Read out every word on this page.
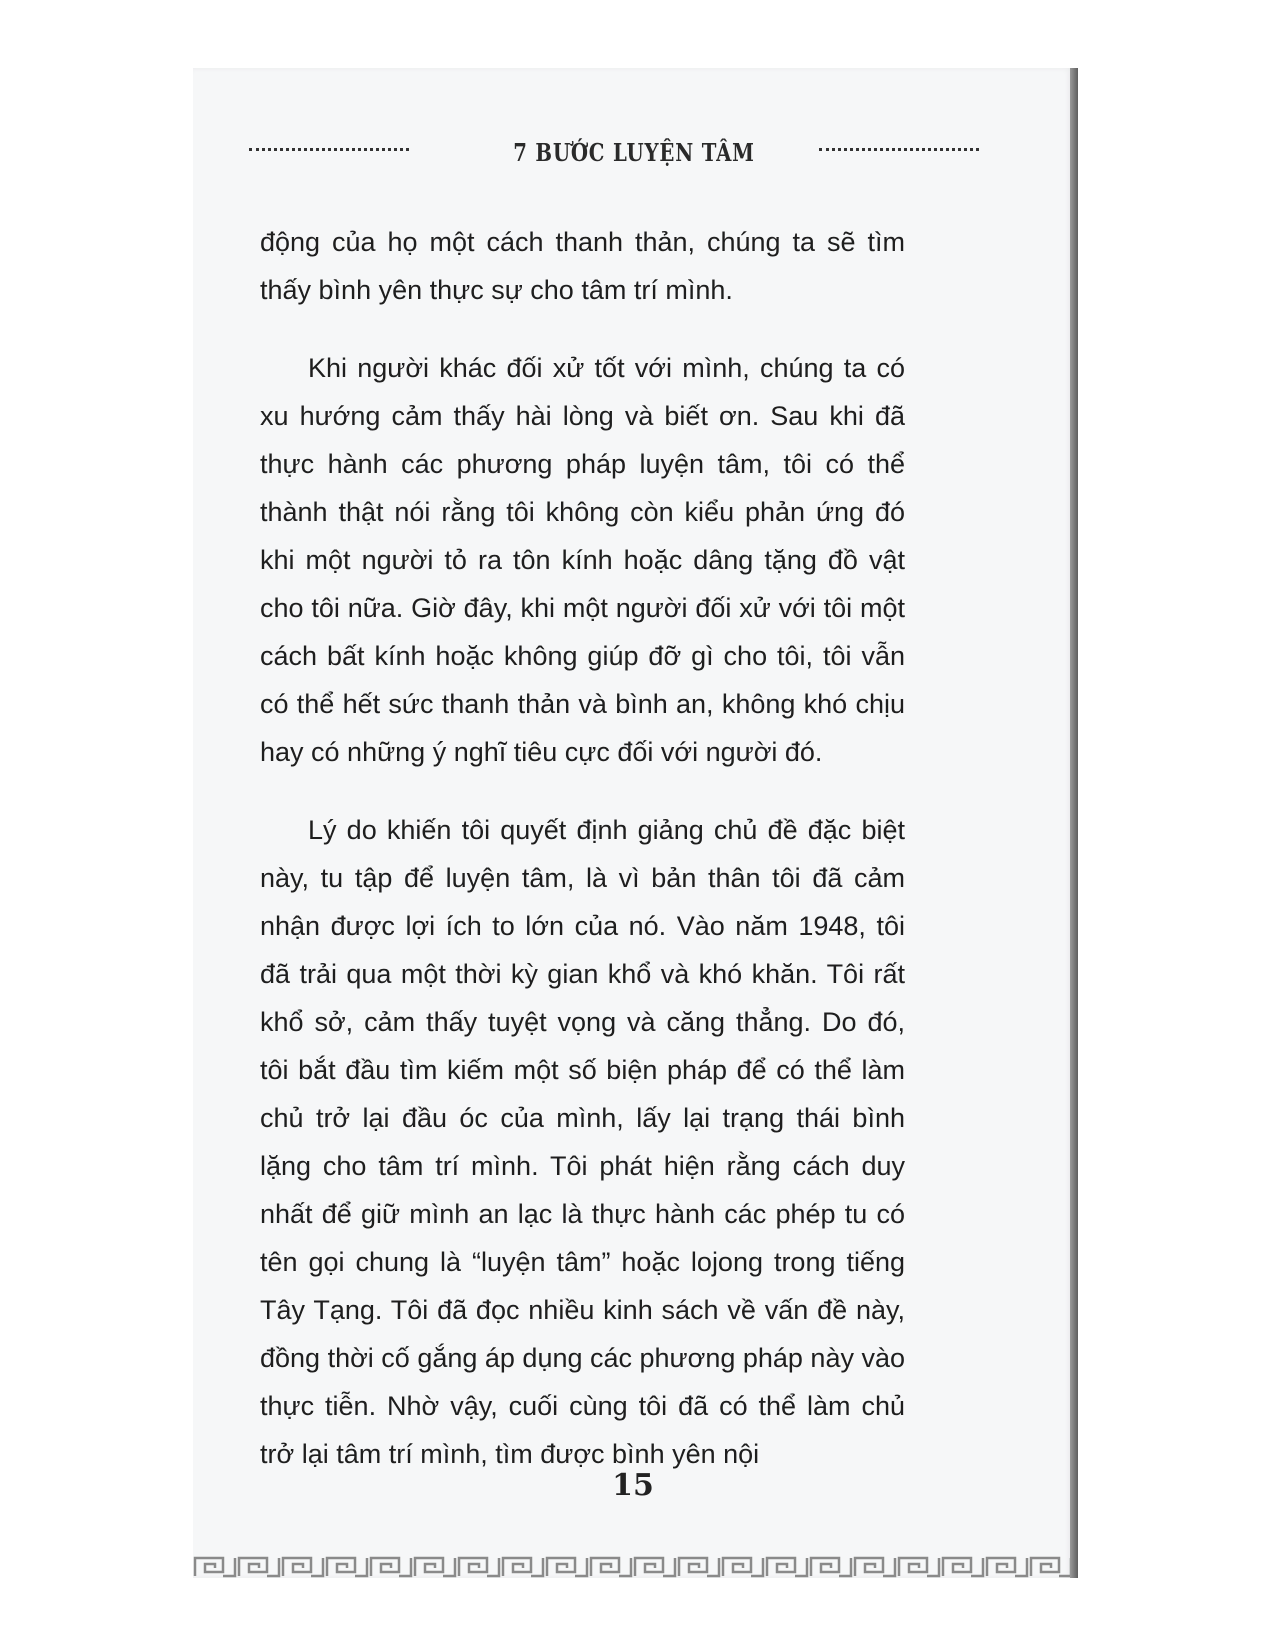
7 BƯỚC LUYỆN TÂM

động của họ một cách thanh thản, chúng ta sẽ tìm thấy bình yên thực sự cho tâm trí mình.

Khi người khác đối xử tốt với mình, chúng ta có xu hướng cảm thấy hài lòng và biết ơn. Sau khi đã thực hành các phương pháp luyện tâm, tôi có thể thành thật nói rằng tôi không còn kiểu phản ứng đó khi một người tỏ ra tôn kính hoặc dâng tặng đồ vật cho tôi nữa. Giờ đây, khi một người đối xử với tôi một cách bất kính hoặc không giúp đỡ gì cho tôi, tôi vẫn có thể hết sức thanh thản và bình an, không khó chịu hay có những ý nghĩ tiêu cực đối với người đó.

Lý do khiến tôi quyết định giảng chủ đề đặc biệt này, tu tập để luyện tâm, là vì bản thân tôi đã cảm nhận được lợi ích to lớn của nó. Vào năm 1948, tôi đã trải qua một thời kỳ gian khổ và khó khăn. Tôi rất khổ sở, cảm thấy tuyệt vọng và căng thẳng. Do đó, tôi bắt đầu tìm kiếm một số biện pháp để có thể làm chủ trở lại đầu óc của mình, lấy lại trạng thái bình lặng cho tâm trí mình. Tôi phát hiện rằng cách duy nhất để giữ mình an lạc là thực hành các phép tu có tên gọi chung là “luyện tâm” hoặc lojong trong tiếng Tây Tạng. Tôi đã đọc nhiều kinh sách về vấn đề này, đồng thời cố gắng áp dụng các phương pháp này vào thực tiễn. Nhờ vậy, cuối cùng tôi đã có thể làm chủ trở lại tâm trí mình, tìm được bình yên nội

15
